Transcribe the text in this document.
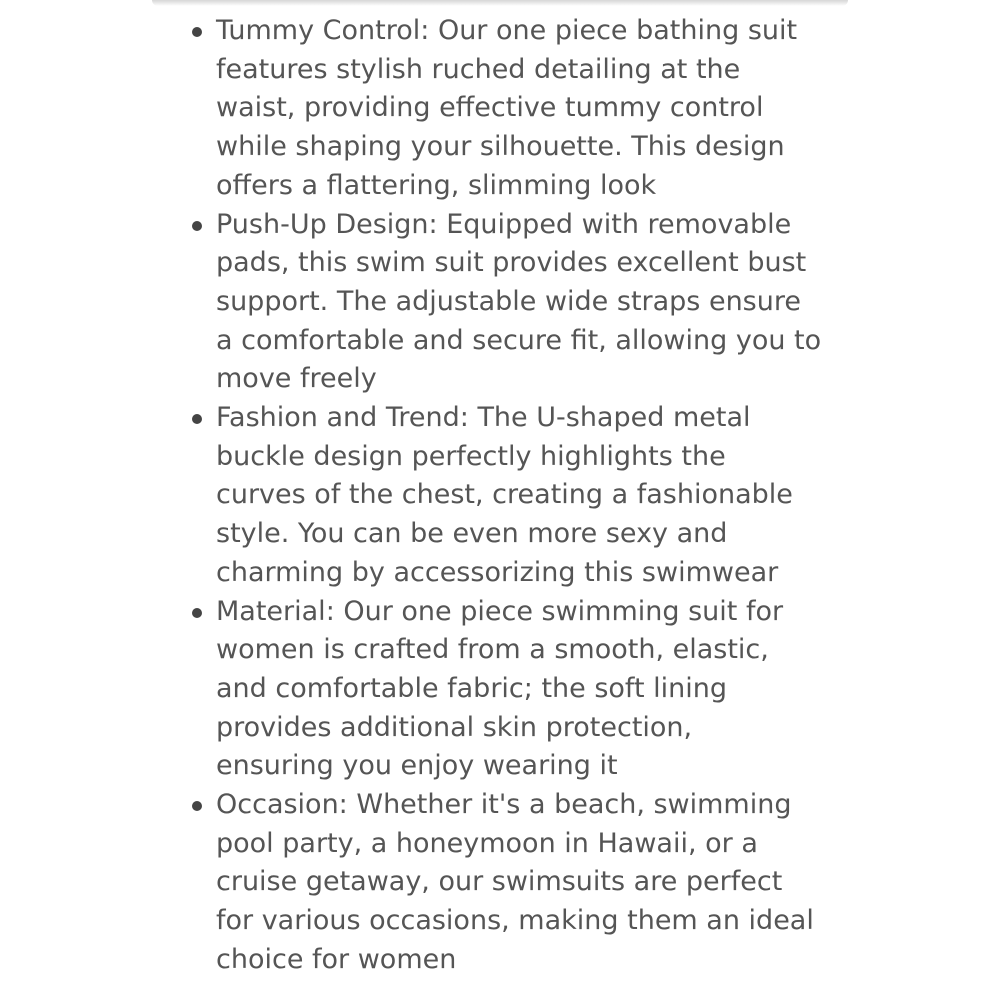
Tummy Control: Our one piece bathing suit
features stylish ruched detailing at the
waist, providing effective tummy control
while shaping your silhouette. This design
offers a flattering, slimming look
Push-Up Design: Equipped with removable
pads, this swim suit provides excellent bust
support. The adjustable wide straps ensure
a comfortable and secure fit, allowing you to
move freely
Fashion and Trend: The U-shaped metal
buckle design perfectly highlights the
curves of the chest, creating a fashionable
style. You can be even more sexy and
charming by accessorizing this swimwear
Material: Our one piece swimming suit for
women is crafted from a smooth, elastic,
and comfortable fabric; the soft lining
provides additional skin protection,
ensuring you enjoy wearing it
Occasion: Whether it's a beach, swimming
pool party, a honeymoon in Hawaii, or a
cruise getaway, our swimsuits are perfect
for various occasions, making them an ideal
choice for women
